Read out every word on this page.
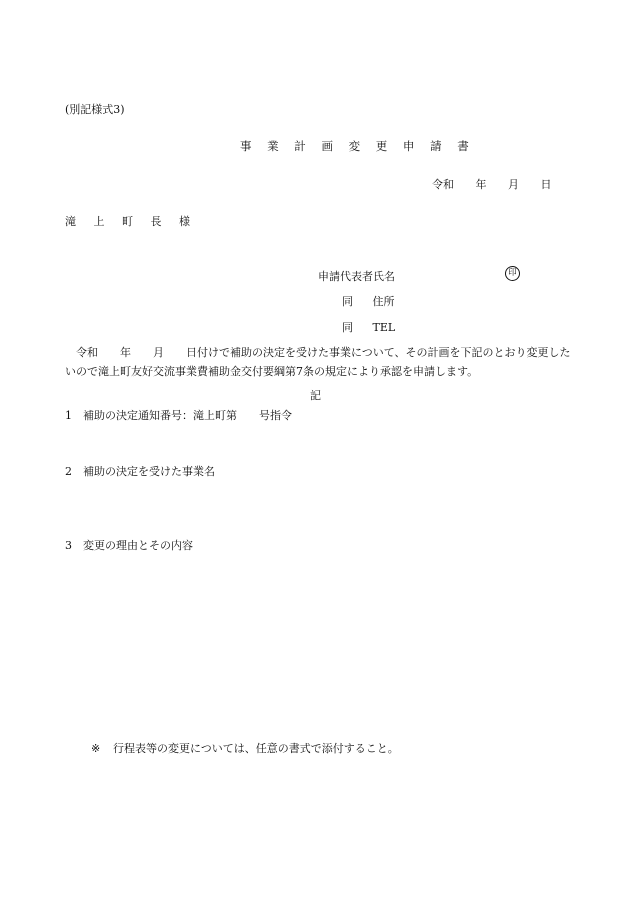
(別記様式3)
事 業 計 画 変 更 申 請 書
令和 年 月 日
滝 上 町 長 様
申請代表者氏名	印
同 住所
同 TEL
　令和　　年　　月　　日付けで補助の決定を受けた事業について、その計画を下記のとおり変更したいので滝上町友好交流事業費補助金交付要綱第7条の規定により承認を申請します。
記
1 補助の決定通知番号：滝上町第　　号指令
2 補助の決定を受けた事業名
3 変更の理由とその内容
※ 行程表等の変更については、任意の書式で添付すること。
